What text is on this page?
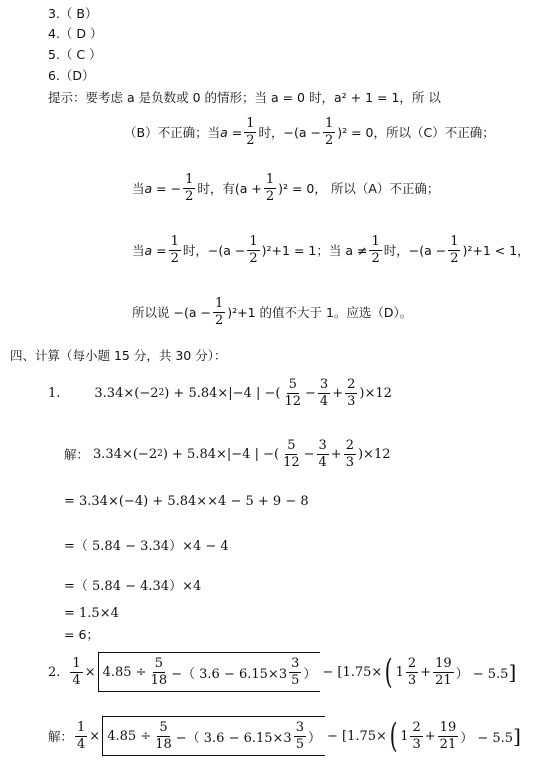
3.（ B）
4.（ D ）
5.（ C ）
6.（D）
提示：要考虑 a 是负数或 0 的情形；当 a = 0 时，a² + 1 = 1，所 以
（B）不正确；当 $a = \frac{1}{2}$ 时，$-(a - \frac{1}{2} )^2 = 0$，所以（C）不正确；
当 a = − $\frac{1}{2}$ 时，有$(a + \frac{1}{2} )^2 = 0$， 所以（A）不正确；
当 $a = \frac{1}{2}$ 时，$-(a - \frac{1}{2} )^2+1 = 1$；当 $a \ne \frac{1}{2}$ 时，$-(a - \frac{1}{2} )^2+1 < 1$，
所以说 $-(a - \frac{1}{2} )^2+1$ 的值不大于 1。应选（D）。
四、计算（每小题 15 分，共 30 分）：
1.	3.34×(−2 2 ) + 5.84×|−4 | −( $\frac{5}{12} - \frac{3}{4} + \frac{2}{3} )\times 12$
解： 3.34×(−2 2 ) + 5.84×|−4 | −( $\frac{5}{12} - \frac{3}{4} + \frac{2}{3} )\times 12$
= 3.34×(−4) + 5.84××4 − 5 + 9 − 8
=（ 5.84 − 3.34）×4 − 4
=（ 5.84 − 4.34）×4
= 1.5×4
= 6；
2. $\frac{1}{4} \times 4.85 \div \frac{5}{18}$ −（ $3.6 - 6.15\times 3 \frac{3}{5}$ ） − [1.75× ( $1 \frac{2}{3} + \frac{19}{21}$ ） − 5.5 ]
解： $\frac{1}{4} \times 4.85 \div \frac{5}{18}$ −（ $3.6 - 6.15\times 3 \frac{3}{5}$ ） − [1.75× ( $1 \frac{2}{3} + \frac{19}{21}$ ） − 5.5 ]
